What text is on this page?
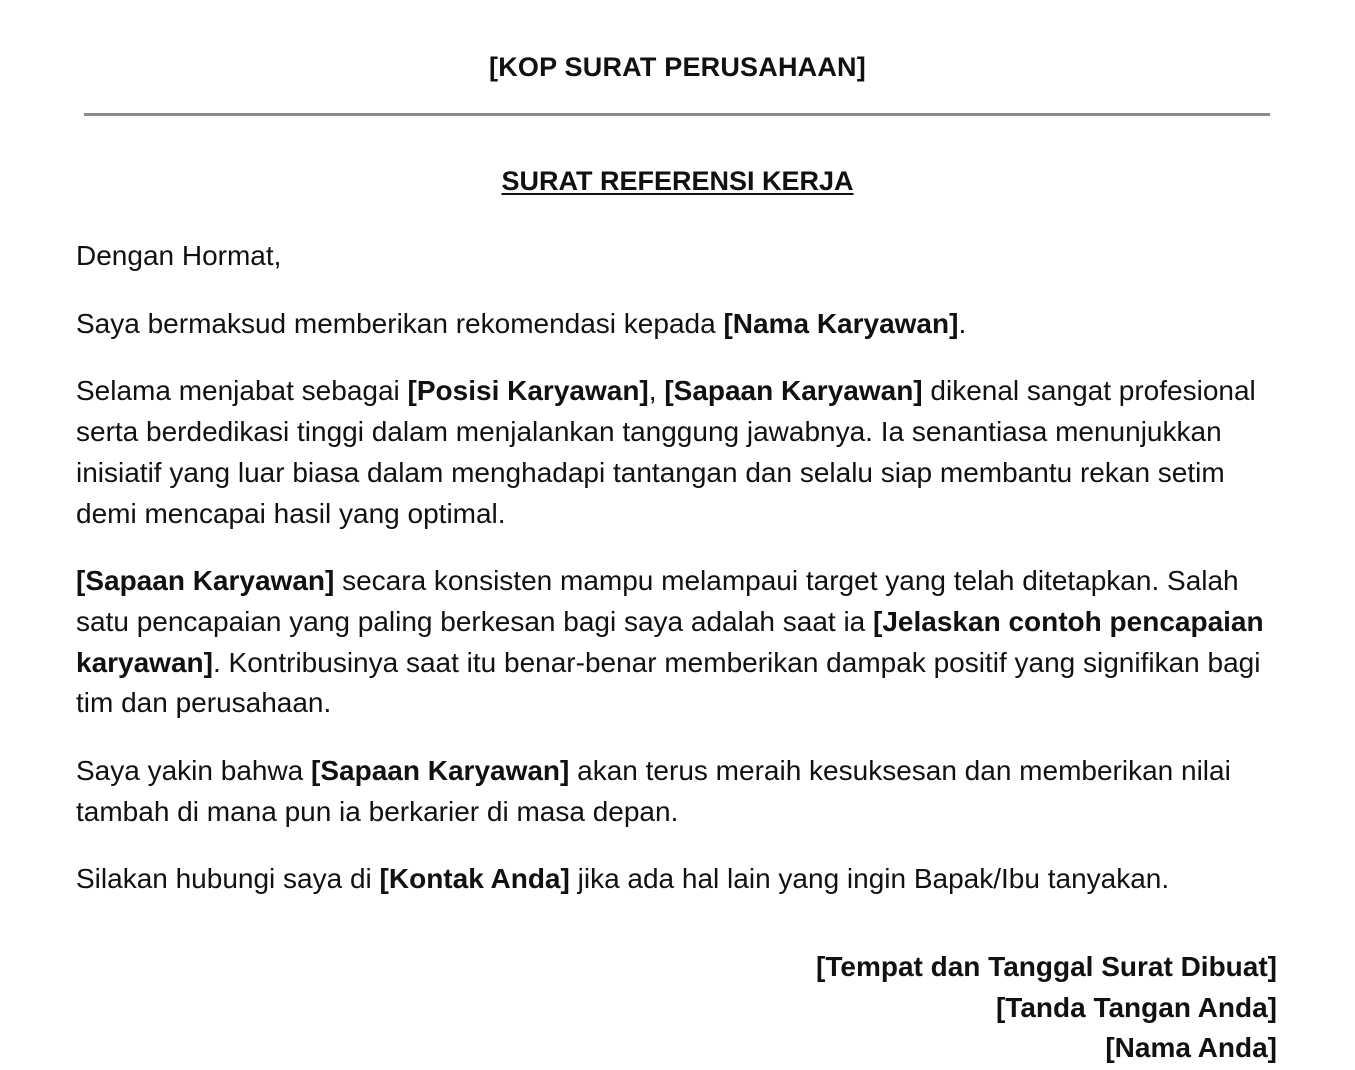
[KOP SURAT PERUSAHAAN]
SURAT REFERENSI KERJA

Dengan Hormat,

Saya bermaksud memberikan rekomendasi kepada [Nama Karyawan].

Selama menjabat sebagai [Posisi Karyawan], [Sapaan Karyawan] dikenal sangat profesional serta berdedikasi tinggi dalam menjalankan tanggung jawabnya. Ia senantiasa menunjukkan inisiatif yang luar biasa dalam menghadapi tantangan dan selalu siap membantu rekan setim demi mencapai hasil yang optimal.

[Sapaan Karyawan] secara konsisten mampu melampaui target yang telah ditetapkan. Salah satu pencapaian yang paling berkesan bagi saya adalah saat ia [Jelaskan contoh pencapaian karyawan]. Kontribusinya saat itu benar-benar memberikan dampak positif yang signifikan bagi tim dan perusahaan.

Saya yakin bahwa [Sapaan Karyawan] akan terus meraih kesuksesan dan memberikan nilai tambah di mana pun ia berkarier di masa depan.

Silakan hubungi saya di [Kontak Anda] jika ada hal lain yang ingin Bapak/Ibu tanyakan.

[Tempat dan Tanggal Surat Dibuat]
[Tanda Tangan Anda]
[Nama Anda]
